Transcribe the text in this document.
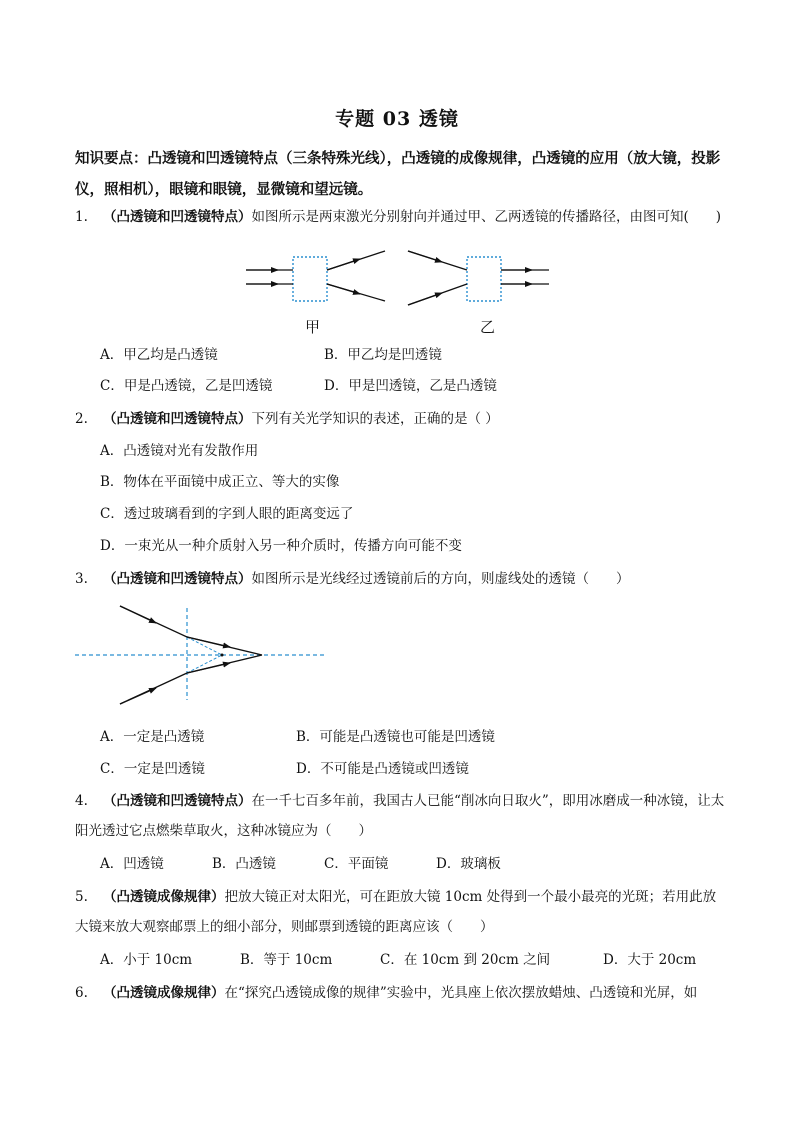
专题 03 透镜
知识要点：凸透镜和凹透镜特点（三条特殊光线），凸透镜的成像规律，凸透镜的应用（放大镜，投影仪，照相机），眼镜和眼镜，显微镜和望远镜。
1. （凸透镜和凹透镜特点）如图所示是两束激光分别射向并通过甲、乙两透镜的传播路径，由图可知(　　)
甲	乙
A．甲乙均是凸透镜	B．甲乙均是凹透镜
C．甲是凸透镜，乙是凹透镜	D．甲是凹透镜，乙是凸透镜
2. （凸透镜和凹透镜特点）下列有关光学知识的表述，正确的是（ ）
A．凸透镜对光有发散作用
B．物体在平面镜中成正立、等大的实像
C．透过玻璃看到的字到人眼的距离变远了
D．一束光从一种介质射入另一种介质时，传播方向可能不变
3. （凸透镜和凹透镜特点）如图所示是光线经过透镜前后的方向，则虚线处的透镜（　　）
A．一定是凸透镜	B．可能是凸透镜也可能是凹透镜
C．一定是凹透镜	D．不可能是凸透镜或凹透镜
4. （凸透镜和凹透镜特点）在一千七百多年前，我国古人已能“削冰向日取火”，即用冰磨成一种冰镜，让太阳光透过它点燃柴草取火，这种冰镜应为（　　）
A．凹透镜	B．凸透镜	C．平面镜	D．玻璃板
5. （凸透镜成像规律）把放大镜正对太阳光，可在距放大镜 10cm 处得到一个最小最亮的光斑；若用此放大镜来放大观察邮票上的细小部分，则邮票到透镜的距离应该（　　）
A．小于 10cm	B．等于 10cm	C．在 10cm 到 20cm 之间	D．大于 20cm
6. （凸透镜成像规律）在“探究凸透镜成像的规律”实验中，光具座上依次摆放蜡烛、凸透镜和光屏，如
